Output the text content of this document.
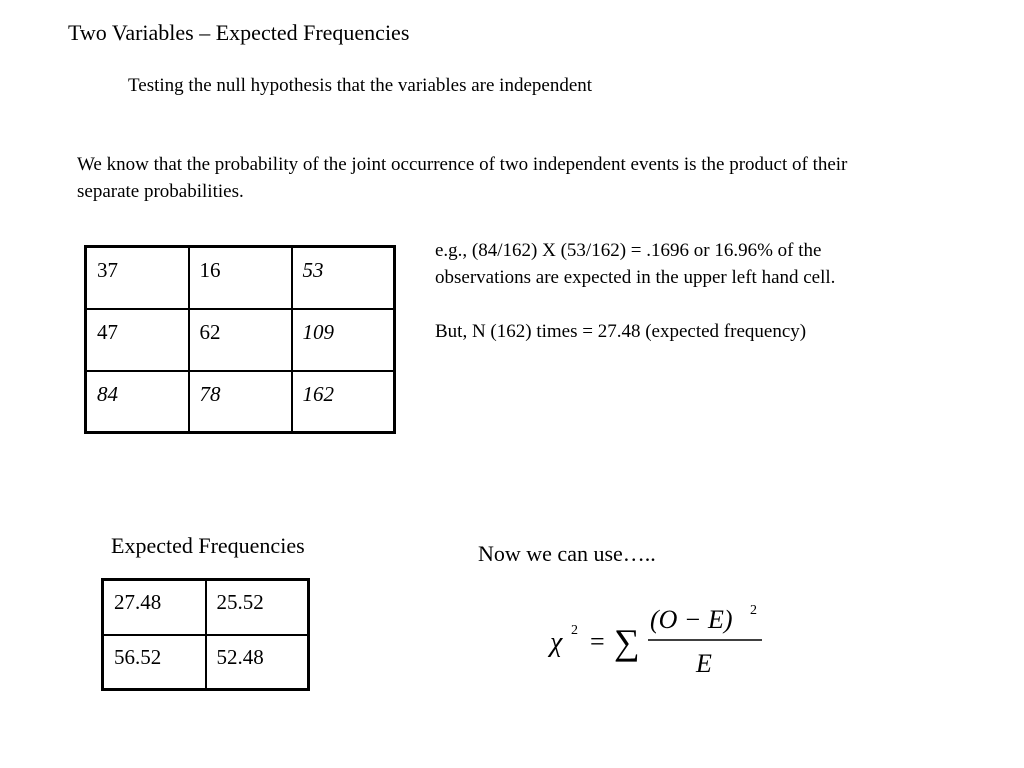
Two Variables – Expected Frequencies
Testing the null hypothesis that the variables are independent
We know that the probability of the joint occurrence of two independent events is the product of their separate probabilities.

e.g., (84/162) X (53/162) = .1696 or 16.96% of the observations are expected in the upper left hand cell.

But, N (162) times = 27.48 (expected frequency)

37	16	53
47	62	109
84	78	162
Expected Frequencies
27.48	25.52
56.52	52.48
Now we can use…..
χ 2 = ∑
(O − E) 2
E
